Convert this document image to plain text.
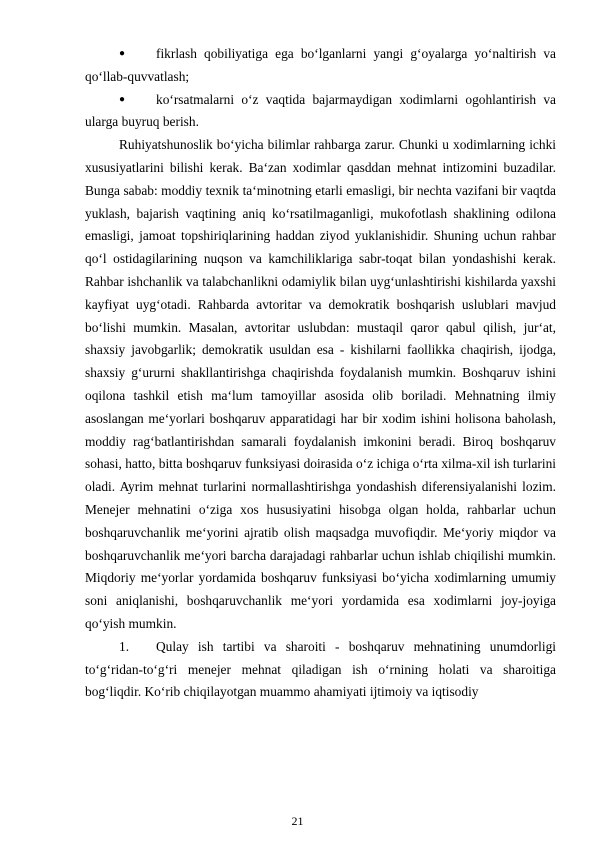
● fikrlash qobiliyatiga ega bo‘lganlarni yangi g‘oyalarga yo‘naltirish va qo‘llab-quvvatlash;

● ko‘rsatmalarni o‘z vaqtida bajarmaydigan xodimlarni ogohlantirish va ularga buyruq berish.

Ruhiyatshunoslik bo‘yicha bilimlar rahbarga zarur. Chunki u xodimlarning ichki xususiyatlarini bilishi kerak. Ba‘zan xodimlar qasddan mehnat intizomini buzadilar. Bunga sabab: moddiy texnik ta‘minotning etarli emasligi, bir nechta vazifani bir vaqtda yuklash, bajarish vaqtining aniq ko‘rsatilmaganligi, mukofotlash shaklining odilona emasligi, jamoat topshiriqlarining haddan ziyod yuklanishidir. Shuning uchun rahbar qo‘l ostidagilarining nuqson va kamchiliklariga sabr-toqat bilan yondashishi kerak. Rahbar ishchanlik va talabchanlikni odamiylik bilan uyg‘unlashtirishi kishilarda yaxshi kayfiyat uyg‘otadi. Rahbarda avtoritar va demokratik boshqarish uslublari mavjud bo‘lishi mumkin. Masalan, avtoritar uslubdan: mustaqil qaror qabul qilish, jur‘at, shaxsiy javobgarlik; demokratik usuldan esa - kishilarni faollikka chaqirish, ijodga, shaxsiy g‘ururni shakllantirishga chaqirishda foydalanish mumkin. Boshqaruv ishini oqilona tashkil etish ma‘lum tamoyillar asosida olib boriladi. Mehnatning ilmiy asoslangan me‘yorlari boshqaruv apparatidagi har bir xodim ishini holisona baholash, moddiy rag‘batlantirishdan samarali foydalanish imkonini beradi. Biroq boshqaruv sohasi, hatto, bitta boshqaruv funksiyasi doirasida o‘z ichiga o‘rta xilma-xil ish turlarini oladi. Ayrim mehnat turlarini normallashtirishga yondashish diferensiyalanishi lozim. Menejer mehnatini o‘ziga xos hususiyatini hisobga olgan holda, rahbarlar uchun boshqaruvchanlik me‘yorini ajratib olish maqsadga muvofiqdir. Me‘yoriy miqdor va boshqaruvchanlik me‘yori barcha darajadagi rahbarlar uchun ishlab chiqilishi mumkin. Miqdoriy me‘yorlar yordamida boshqaruv funksiyasi bo‘yicha xodimlarning umumiy soni aniqlanishi, boshqaruvchanlik me‘yori yordamida esa xodimlarni joy-joyiga qo‘yish mumkin.

1. Qulay ish tartibi va sharoiti - boshqaruv mehnatining unumdorligi to‘g‘ridan-to‘g‘ri menejer mehnat qiladigan ish o‘rnining holati va sharoitiga bog‘liqdir. Ko‘rib chiqilayotgan muammo ahamiyati ijtimoiy va iqtisodiy

21
